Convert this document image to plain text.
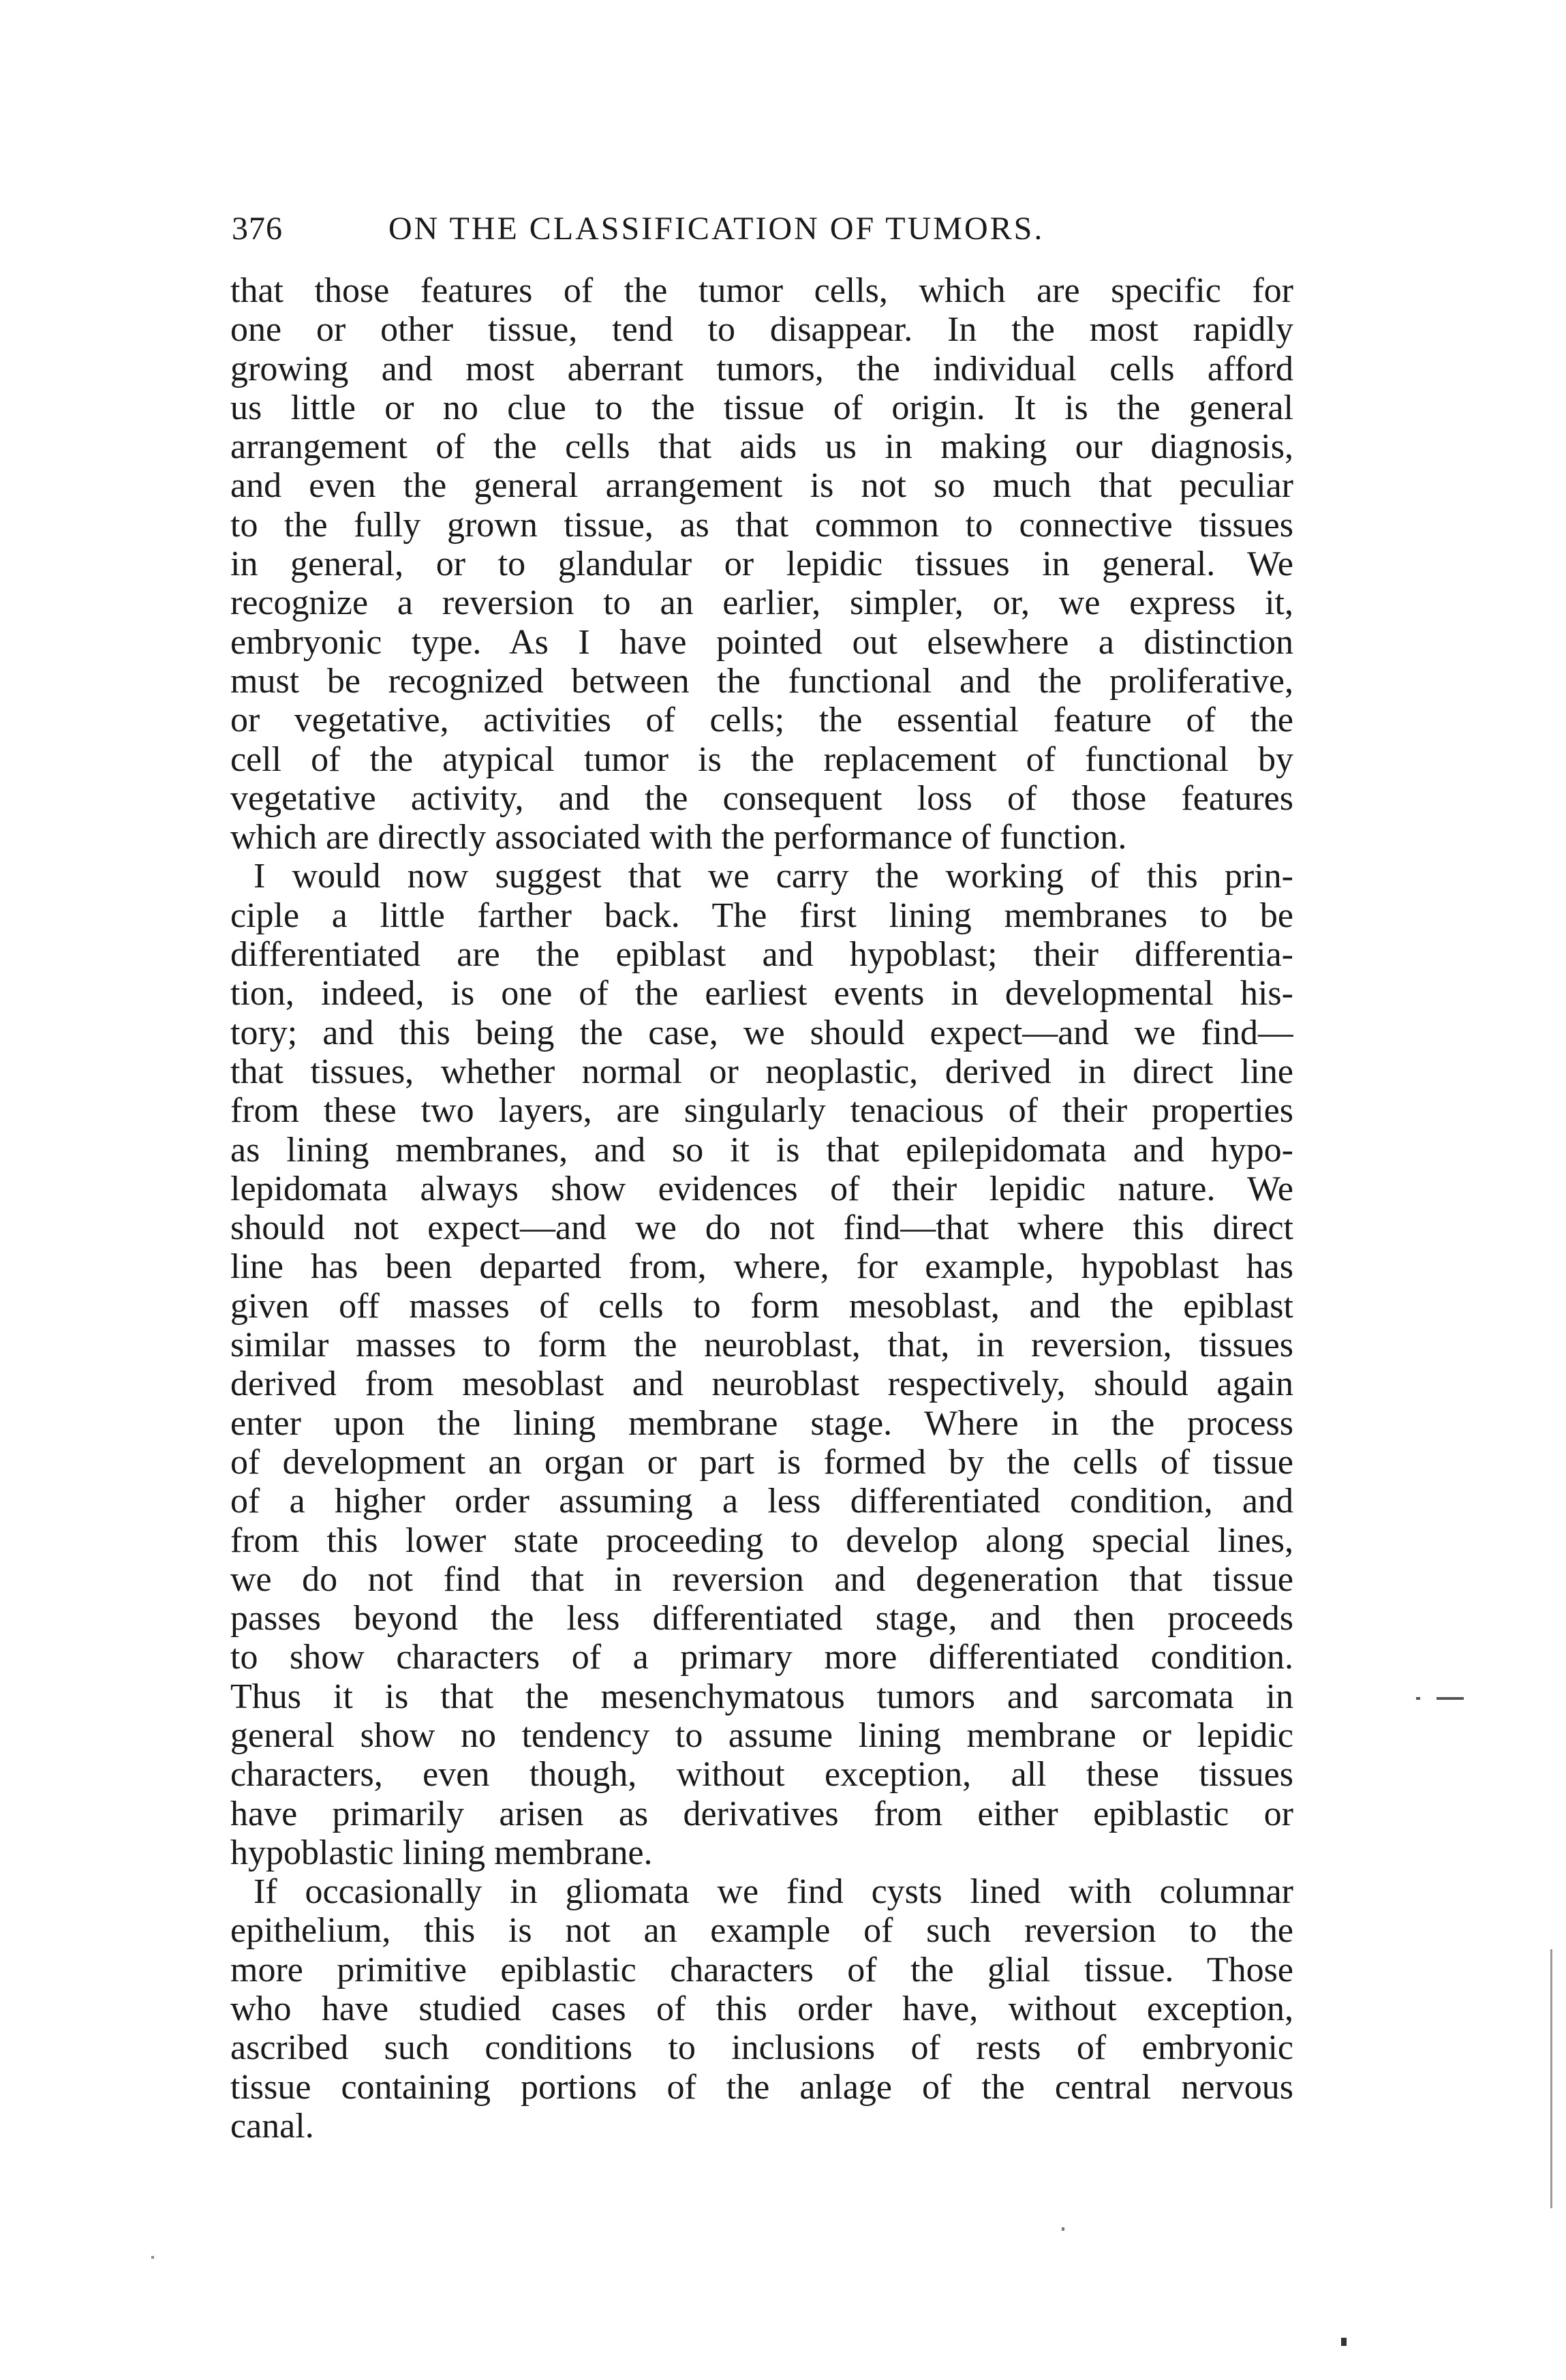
376	ON THE CLASSIFICATION OF TUMORS.
that those features of the tumor cells, which are specific for
one or other tissue, tend to disappear. In the most rapidly
growing and most aberrant tumors, the individual cells afford
us little or no clue to the tissue of origin. It is the general
arrangement of the cells that aids us in making our diagnosis,
and even the general arrangement is not so much that peculiar
to the fully grown tissue, as that common to connective tissues
in general, or to glandular or lepidic tissues in general. We
recognize a reversion to an earlier, simpler, or, we express it,
embryonic type. As I have pointed out elsewhere a distinction
must be recognized between the functional and the proliferative,
or vegetative, activities of cells; the essential feature of the
cell of the atypical tumor is the replacement of functional by
vegetative activity, and the consequent loss of those features
which are directly associated with the performance of function.
I would now suggest that we carry the working of this prin-
ciple a little farther back. The first lining membranes to be
differentiated are the epiblast and hypoblast; their differentia-
tion, indeed, is one of the earliest events in developmental his-
tory; and this being the case, we should expect—and we find—
that tissues, whether normal or neoplastic, derived in direct line
from these two layers, are singularly tenacious of their properties
as lining membranes, and so it is that epilepidomata and hypo-
lepidomata always show evidences of their lepidic nature. We
should not expect—and we do not find—that where this direct
line has been departed from, where, for example, hypoblast has
given off masses of cells to form mesoblast, and the epiblast
similar masses to form the neuroblast, that, in reversion, tissues
derived from mesoblast and neuroblast respectively, should again
enter upon the lining membrane stage. Where in the process
of development an organ or part is formed by the cells of tissue
of a higher order assuming a less differentiated condition, and
from this lower state proceeding to develop along special lines,
we do not find that in reversion and degeneration that tissue
passes beyond the less differentiated stage, and then proceeds
to show characters of a primary more differentiated condition.
Thus it is that the mesenchymatous tumors and sarcomata in
general show no tendency to assume lining membrane or lepidic
characters, even though, without exception, all these tissues
have primarily arisen as derivatives from either epiblastic or
hypoblastic lining membrane.
If occasionally in gliomata we find cysts lined with columnar
epithelium, this is not an example of such reversion to the
more primitive epiblastic characters of the glial tissue. Those
who have studied cases of this order have, without exception,
ascribed such conditions to inclusions of rests of embryonic
tissue containing portions of the anlage of the central nervous
canal.
